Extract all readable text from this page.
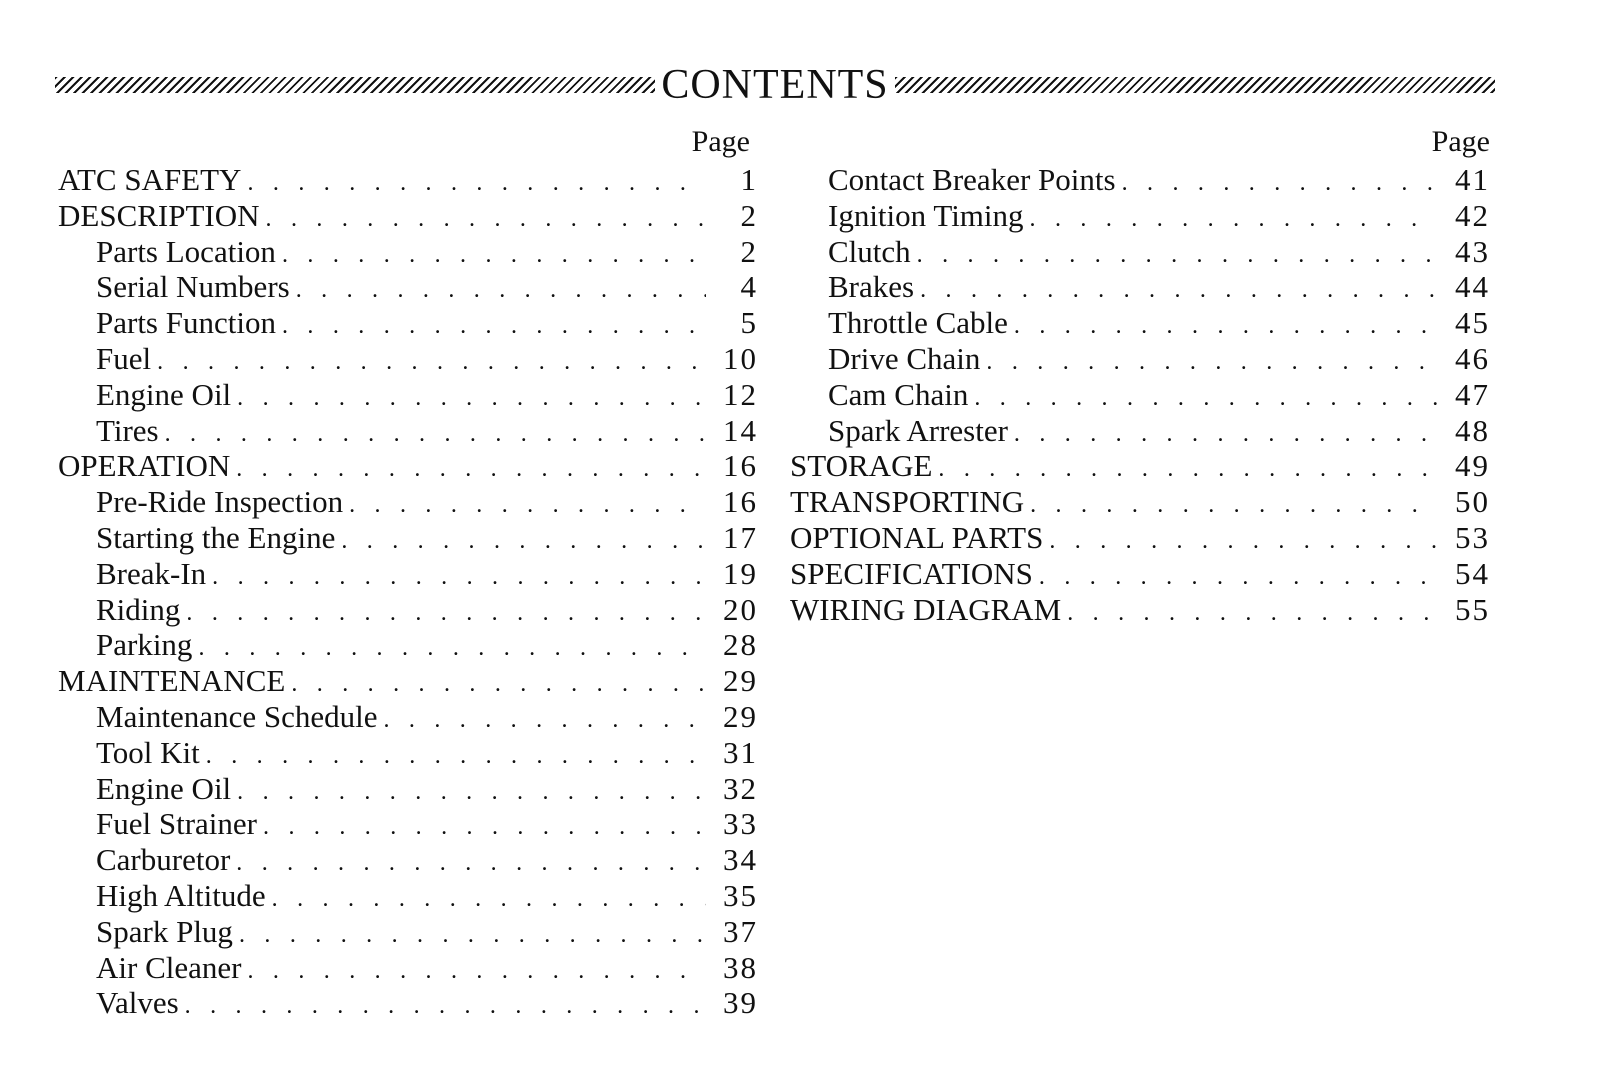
CONTENTS
Page
ATC SAFETY . . .	1
DESCRIPTION . . .	2
Parts Location . . .	2
Serial Numbers . . .	4
Parts Function . . .	5
Fuel . . .	10
Engine Oil . . .	12
Tires . . .	14
OPERATION . . .	16
Pre-Ride Inspection . . .	16
Starting the Engine . . .	17
Break-In . . .	19
Riding . . .	20
Parking . . .	28
MAINTENANCE . . .	29
Maintenance Schedule . . .	29
Tool Kit . . .	31
Engine Oil . . .	32
Fuel Strainer . . .	33
Carburetor . . .	34
High Altitude . . .	35
Spark Plug . . .	37
Air Cleaner . . .	38
Valves . . .	39
Page
Contact Breaker Points . . .	41
Ignition Timing . . .	42
Clutch . . .	43
Brakes . . .	44
Throttle Cable . . .	45
Drive Chain . . .	46
Cam Chain . . .	47
Spark Arrester . . .	48
STORAGE . . .	49
TRANSPORTING . . .	50
OPTIONAL PARTS . . .	53
SPECIFICATIONS . . .	54
WIRING DIAGRAM . . .	55
